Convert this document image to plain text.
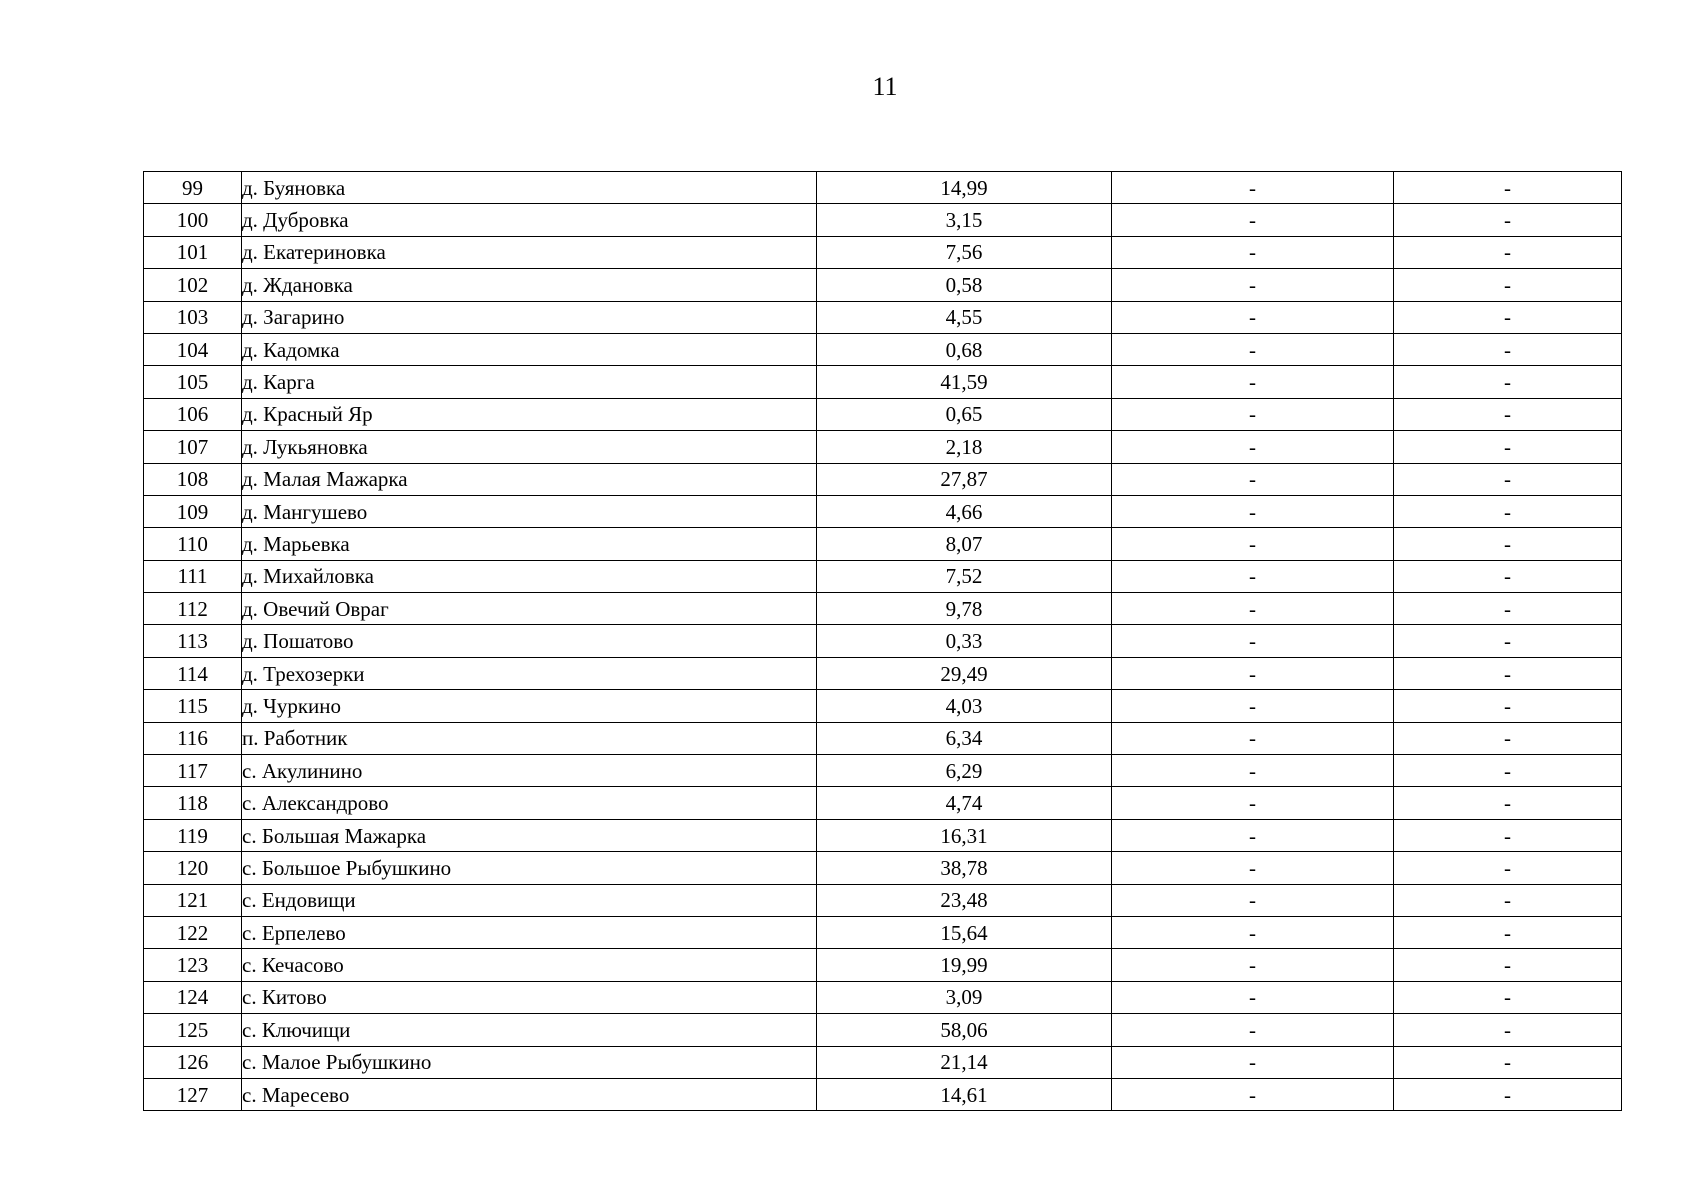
11
99	д. Буяновка	14,99	-	-
100	д. Дубровка	3,15	-	-
101	д. Екатериновка	7,56	-	-
102	д. Ждановка	0,58	-	-
103	д. Загарино	4,55	-	-
104	д. Кадомка	0,68	-	-
105	д. Карга	41,59	-	-
106	д. Красный Яр	0,65	-	-
107	д. Лукьяновка	2,18	-	-
108	д. Малая Мажарка	27,87	-	-
109	д. Мангушево	4,66	-	-
110	д. Марьевка	8,07	-	-
111	д. Михайловка	7,52	-	-
112	д. Овечий Овраг	9,78	-	-
113	д. Пошатово	0,33	-	-
114	д. Трехозерки	29,49	-	-
115	д. Чуркино	4,03	-	-
116	п. Работник	6,34	-	-
117	с. Акулинино	6,29	-	-
118	с. Александрово	4,74	-	-
119	с. Большая Мажарка	16,31	-	-
120	с. Большое Рыбушкино	38,78	-	-
121	с. Ендовищи	23,48	-	-
122	с. Ерпелево	15,64	-	-
123	с. Кечасово	19,99	-	-
124	с. Китово	3,09	-	-
125	с. Ключищи	58,06	-	-
126	с. Малое Рыбушкино	21,14	-	-
127	с. Маресево	14,61	-	-
